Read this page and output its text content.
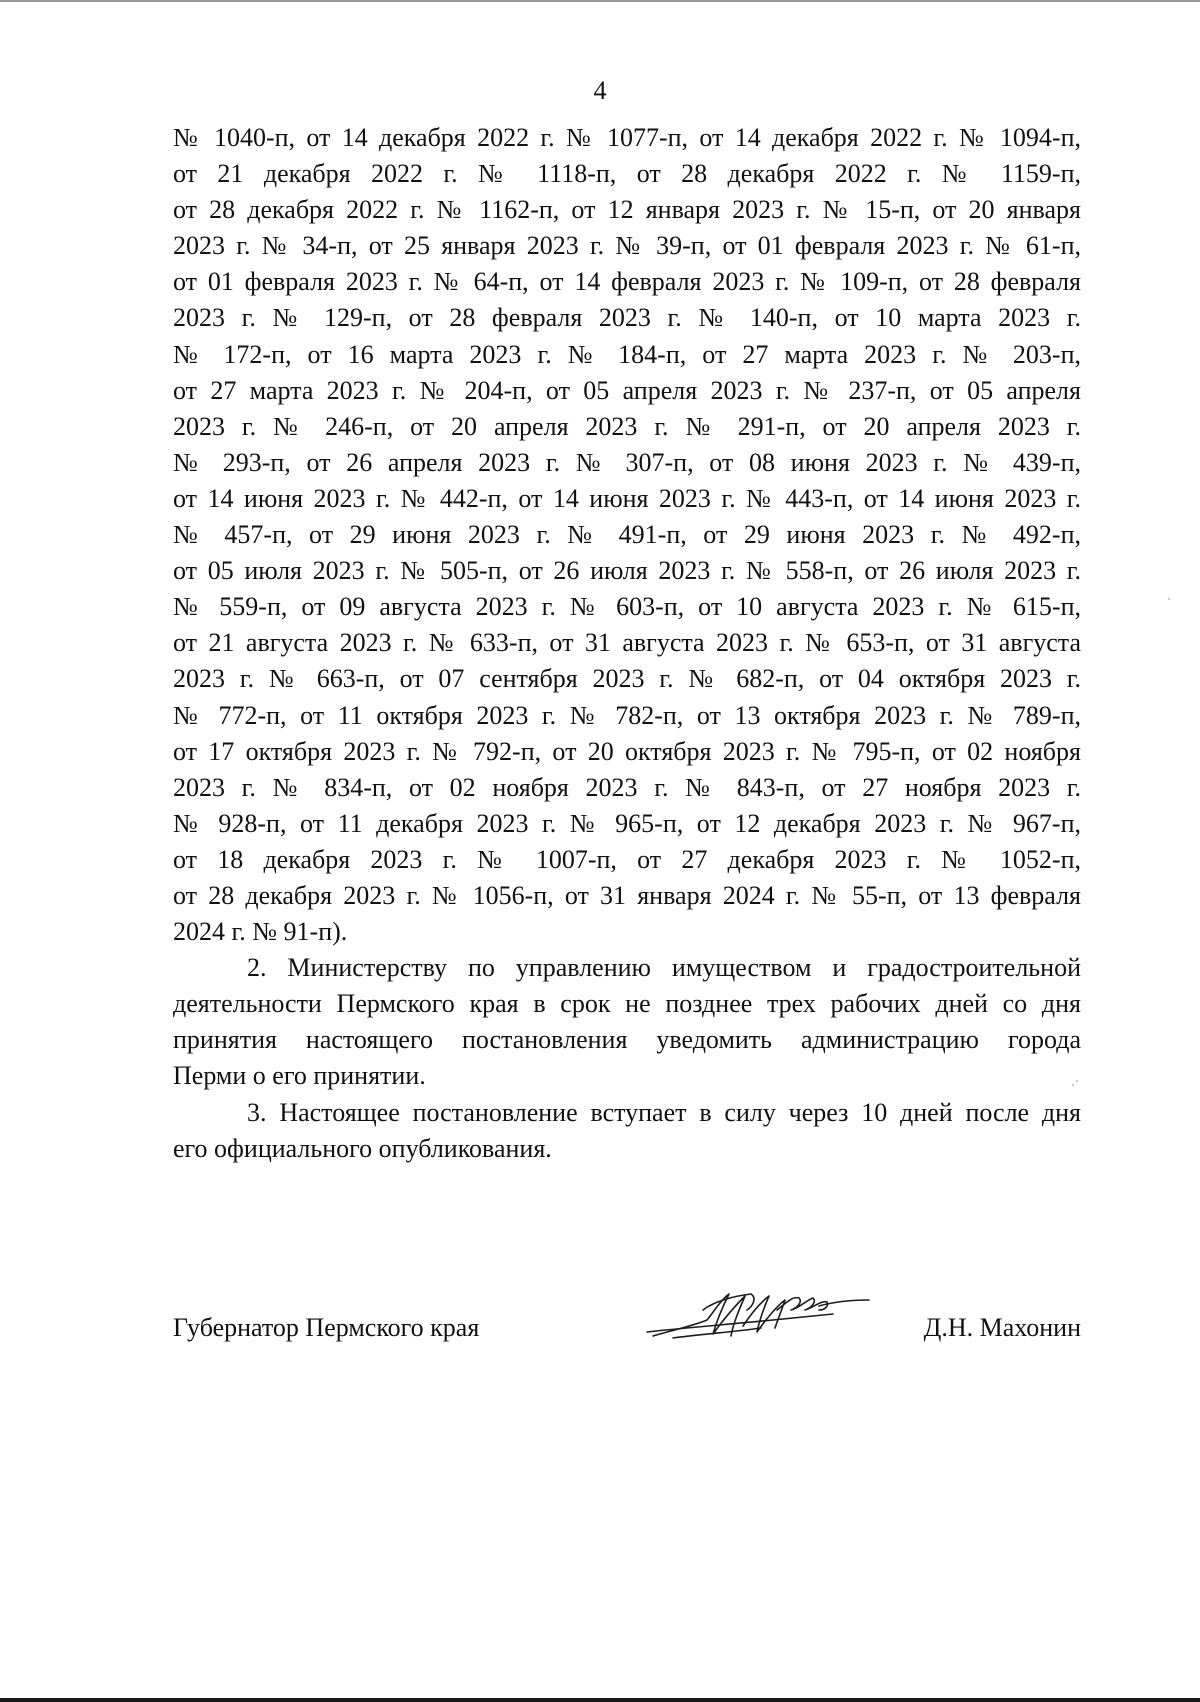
4
№ 1040-п, от 14 декабря 2022 г. № 1077-п, от 14 декабря 2022 г. № 1094-п,
от 21 декабря 2022 г. № 1118-п, от 28 декабря 2022 г. № 1159-п,
от 28 декабря 2022 г. № 1162-п, от 12 января 2023 г. № 15-п, от 20 января
2023 г. № 34-п, от 25 января 2023 г. № 39-п, от 01 февраля 2023 г. № 61-п,
от 01 февраля 2023 г. № 64-п, от 14 февраля 2023 г. № 109-п, от 28 февраля
2023 г. № 129-п, от 28 февраля 2023 г. № 140-п, от 10 марта 2023 г.
№ 172-п, от 16 марта 2023 г. № 184-п, от 27 марта 2023 г. № 203-п,
от 27 марта 2023 г. № 204-п, от 05 апреля 2023 г. № 237-п, от 05 апреля
2023 г. № 246-п, от 20 апреля 2023 г. № 291-п, от 20 апреля 2023 г.
№ 293-п, от 26 апреля 2023 г. № 307-п, от 08 июня 2023 г. № 439-п,
от 14 июня 2023 г. № 442-п, от 14 июня 2023 г. № 443-п, от 14 июня 2023 г.
№ 457-п, от 29 июня 2023 г. № 491-п, от 29 июня 2023 г. № 492-п,
от 05 июля 2023 г. № 505-п, от 26 июля 2023 г. № 558-п, от 26 июля 2023 г.
№ 559-п, от 09 августа 2023 г. № 603-п, от 10 августа 2023 г. № 615-п,
от 21 августа 2023 г. № 633-п, от 31 августа 2023 г. № 653-п, от 31 августа
2023 г. № 663-п, от 07 сентября 2023 г. № 682-п, от 04 октября 2023 г.
№ 772-п, от 11 октября 2023 г. № 782-п, от 13 октября 2023 г. № 789-п,
от 17 октября 2023 г. № 792-п, от 20 октября 2023 г. № 795-п, от 02 ноября
2023 г. № 834-п, от 02 ноября 2023 г. № 843-п, от 27 ноября 2023 г.
№ 928-п, от 11 декабря 2023 г. № 965-п, от 12 декабря 2023 г. № 967-п,
от 18 декабря 2023 г. № 1007-п, от 27 декабря 2023 г. № 1052-п,
от 28 декабря 2023 г. № 1056-п, от 31 января 2024 г. № 55-п, от 13 февраля
2024 г. № 91-п).
2. Министерству по управлению имуществом и градостроительной
деятельности Пермского края в срок не позднее трех рабочих дней со дня
принятия настоящего постановления уведомить администрацию города
Перми о его принятии.
3. Настоящее постановление вступает в силу через 10 дней после дня
его официального опубликования.
Губернатор Пермского края	Д.Н. Махонин
